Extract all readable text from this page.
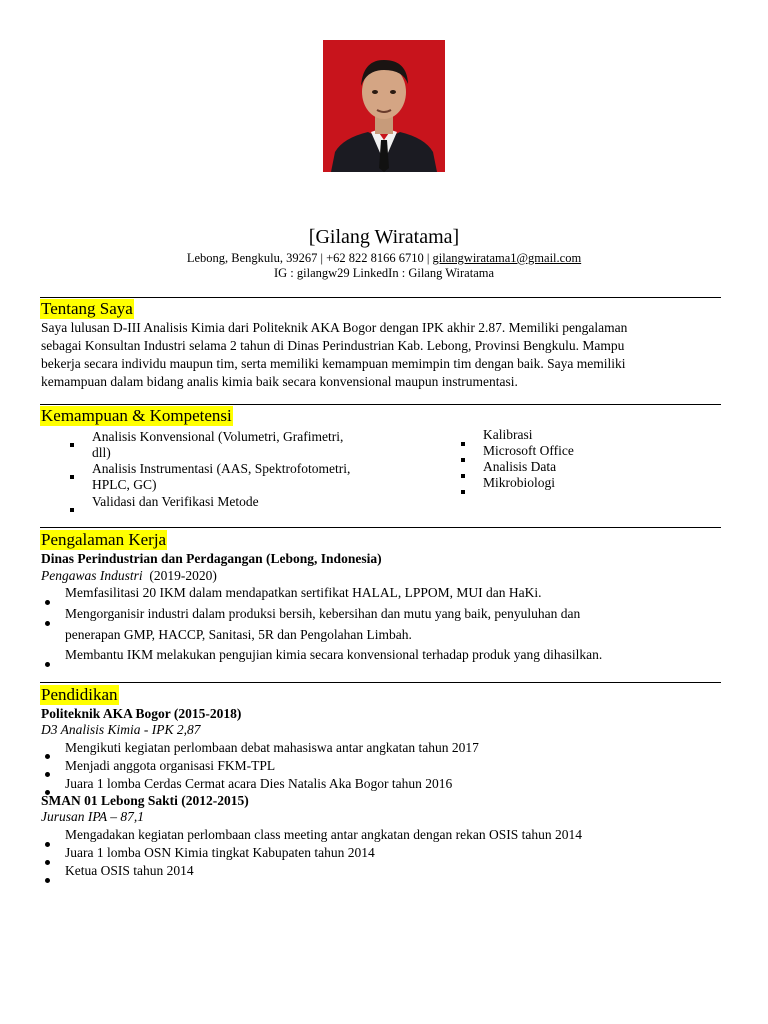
[Gilang Wiratama]
Lebong, Bengkulu, 39267 | +62 822 8166 6710 | gilangwiratama1@gmail.com
IG : gilangw29 LinkedIn : Gilang Wiratama
Tentang Saya
Saya lulusan D-III Analisis Kimia dari Politeknik AKA Bogor dengan IPK akhir 2.87. Memiliki pengalaman
sebagai Konsultan Industri selama 2 tahun di Dinas Perindustrian Kab. Lebong, Provinsi Bengkulu. Mampu
bekerja secara individu maupun tim, serta memiliki kemampuan memimpin tim dengan baik. Saya memiliki
kemampuan dalam bidang analis kimia baik secara konvensional maupun instrumentasi.
Kemampuan & Kompetensi
Analisis Konvensional (Volumetri, Grafimetri,
dll)
Analisis Instrumentasi (AAS, Spektrofotometri,
HPLC, GC)
Validasi dan Verifikasi Metode
Kalibrasi
Microsoft Office
Analisis Data
Mikrobiologi
Pengalaman Kerja
Dinas Perindustrian dan Perdagangan (Lebong, Indonesia)
Pengawas Industri (2019-2020)
Memfasilitasi 20 IKM dalam mendapatkan sertifikat HALAL, LPPOM, MUI dan HaKi.
Mengorganisir industri dalam produksi bersih, kebersihan dan mutu yang baik, penyuluhan dan
penerapan GMP, HACCP, Sanitasi, 5R dan Pengolahan Limbah.
Membantu IKM melakukan pengujian kimia secara konvensional terhadap produk yang dihasilkan.
Pendidikan
Politeknik AKA Bogor (2015-2018)
D3 Analisis Kimia - IPK 2,87
Mengikuti kegiatan perlombaan debat mahasiswa antar angkatan tahun 2017
Menjadi anggota organisasi FKM-TPL
Juara 1 lomba Cerdas Cermat acara Dies Natalis Aka Bogor tahun 2016
SMAN 01 Lebong Sakti (2012-2015)
Jurusan IPA – 87,1
Mengadakan kegiatan perlombaan class meeting antar angkatan dengan rekan OSIS tahun 2014
Juara 1 lomba OSN Kimia tingkat Kabupaten tahun 2014
Ketua OSIS tahun 2014
